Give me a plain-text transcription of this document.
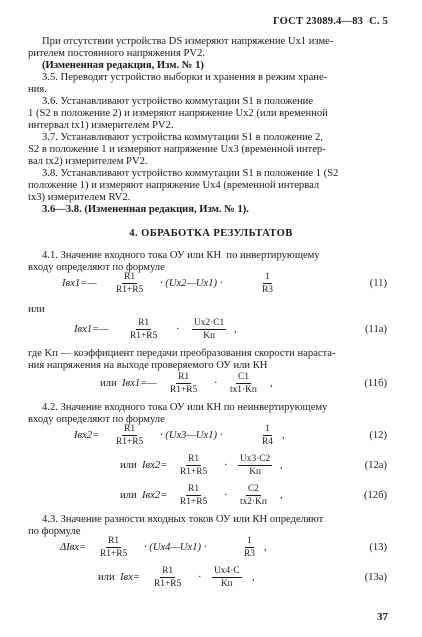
ГОСТ 23089.4—83 С. 5
При отсутствии устройства DS измеряют напряжение Ux1 изме-
рителем постоянного напряжения PV2.
(Измененная редакция, Изм. № 1)
3.5. Переводят устройство выборки и хранения в режим хране-
ния.
3.6. Устанавливают устройство коммутации S1 в положение
1 (S2 в положение 2) и измеряют напряжение Ux2 (или временной
интервал tx1) измерителем PV2.
3.7. Устанавливают устройства коммутации S1 в положение 2,
S2 в положение 1 и измеряют напряжение Ux3 (временной интер-
вал tx2) измерителем PV2.
3.8. Устанавливают устройство коммутации S1 в положение 1 (S2
положение 1) и измеряют напряжение Ux4 (временной интервал
tx3) измерителем RV2.
3.6—3.8. (Измененная редакция, Изм. № 1).
4. ОБРАБОТКА РЕЗУЛЬТАТОВ
4.1. Значение входного тока ОУ или КН  по инвертирующему
входу определяют по формуле
Iвх1=— $\frac{R1}{R1+R5}$ · (Ux2—Ux1) ·	$\frac{1}{R3}$	(11)
или
Iвх1=— $\frac{R1}{R1+R5}$ ·
Ux2·C1
Kп
,	(11а)
где Kп — коэффициент передачи преобразования скорости нараста-
ния напряжения на выходе проверяемого ОУ или КН
или Iвх1=— $\frac{R1}{R1+R5}$ ·
C1
tx1·Kп
,	(11б)
4.2. Значение входного тока ОУ или КН по неинвертирующему
входу определяют по формуле
$Iвх2= \frac{R1}{R1+R5}$ · (Ux3—Ux1) ·	$\frac{1}{R4}$ ,	(12)
или $Iвх2= \frac{R1}{R1+R5}$ ·
Ux3·C2
Kп
,	(12а)
или $Iвх2= \frac{R1}{R1+R5}$ ·
C2
tx2·Kп
,	(12б)
4.3. Значение разности входных токов ОУ или КН определяют
по формуле
$\Delta Iвх= \frac{R1}{R1+R5}$ · (Ux4—Ux1) ·	$\frac{1}{R3}$ ,	(13)
или $Iвх= \frac{R1}{R1+R5}$ ·
Ux4·C
Kп
,	(13а)
37
